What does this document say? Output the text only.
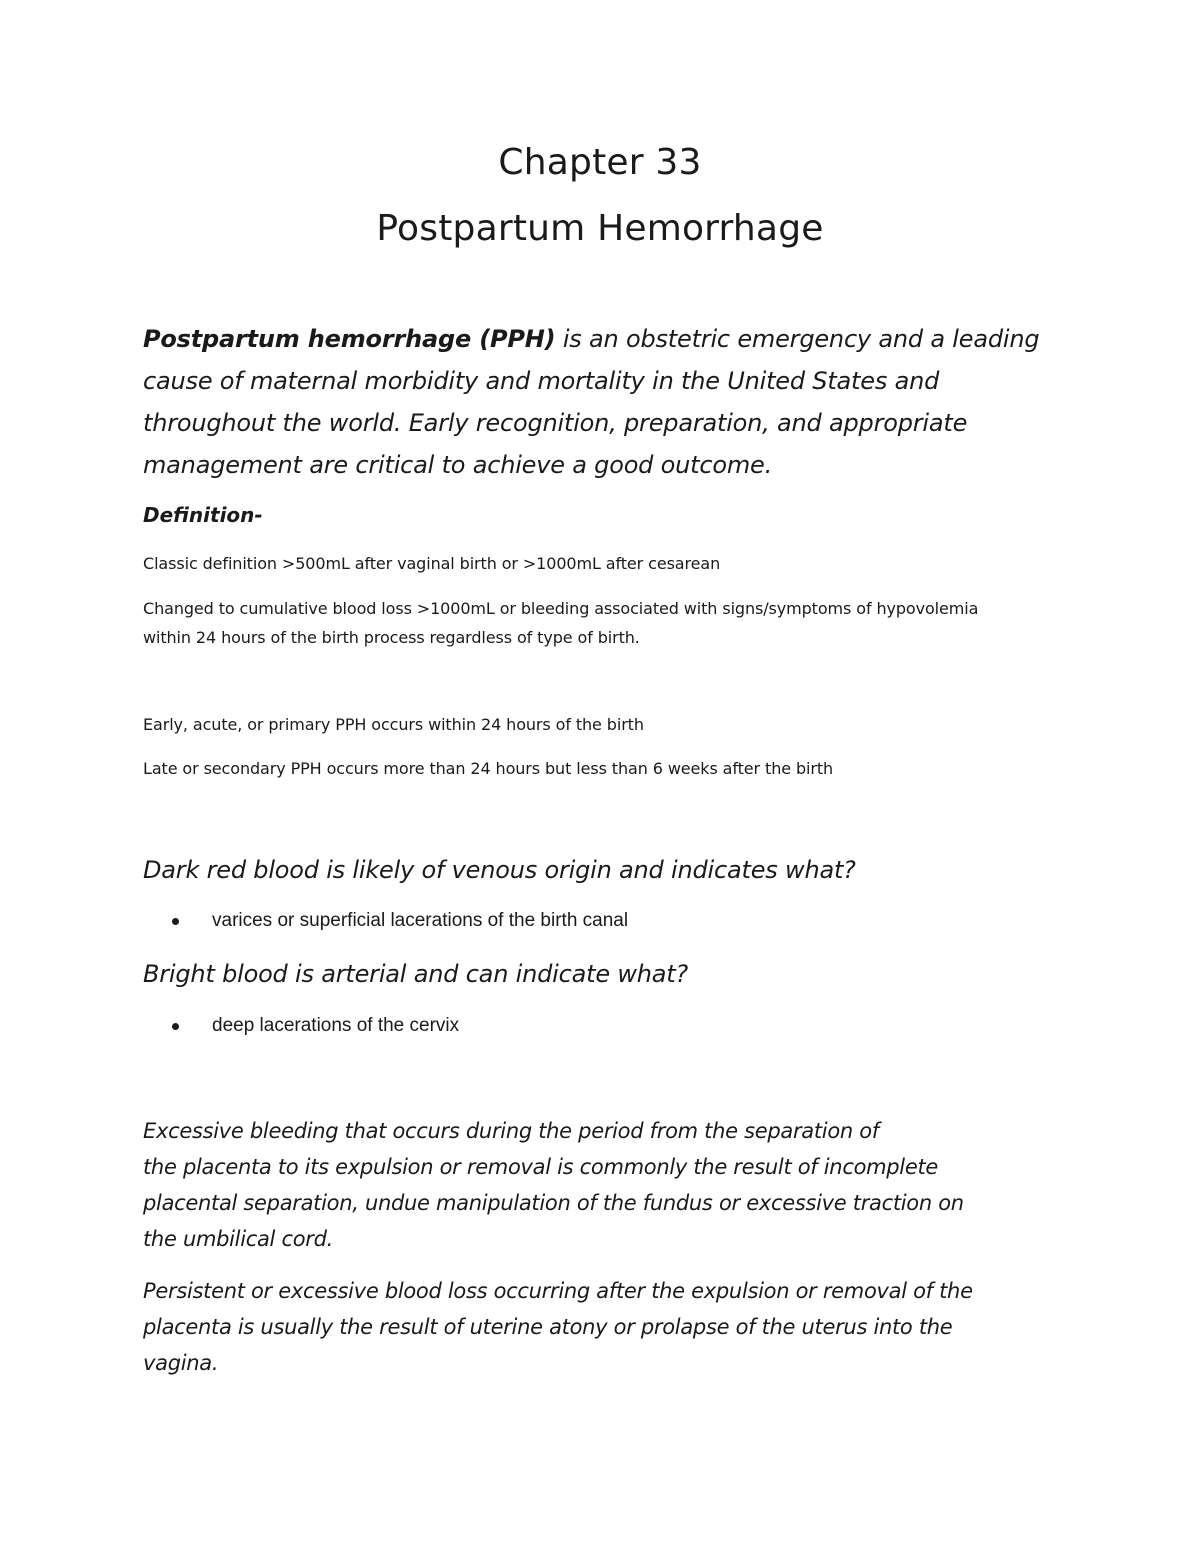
Chapter 33
Postpartum Hemorrhage
Postpartum hemorrhage (PPH) is an obstetric emergency and a leading
cause of maternal morbidity and mortality in the United States and
throughout the world. Early recognition, preparation, and appropriate
management are critical to achieve a good outcome.
Definition-
Classic definition >500mL after vaginal birth or >1000mL after cesarean
Changed to cumulative blood loss >1000mL or bleeding associated with signs/symptoms of hypovolemia
within 24 hours of the birth process regardless of type of birth.
Early, acute, or primary PPH occurs within 24 hours of the birth
Late or secondary PPH occurs more than 24 hours but less than 6 weeks after the birth
Dark red blood is likely of venous origin and indicates what?
varices or superficial lacerations of the birth canal
Bright blood is arterial and can indicate what?
deep lacerations of the cervix
Excessive bleeding that occurs during the period from the separation of
the placenta to its expulsion or removal is commonly the result of incomplete
placental separation, undue manipulation of the fundus or excessive traction on
the umbilical cord.
Persistent or excessive blood loss occurring after the expulsion or removal of the
placenta is usually the result of uterine atony or prolapse of the uterus into the
vagina.
